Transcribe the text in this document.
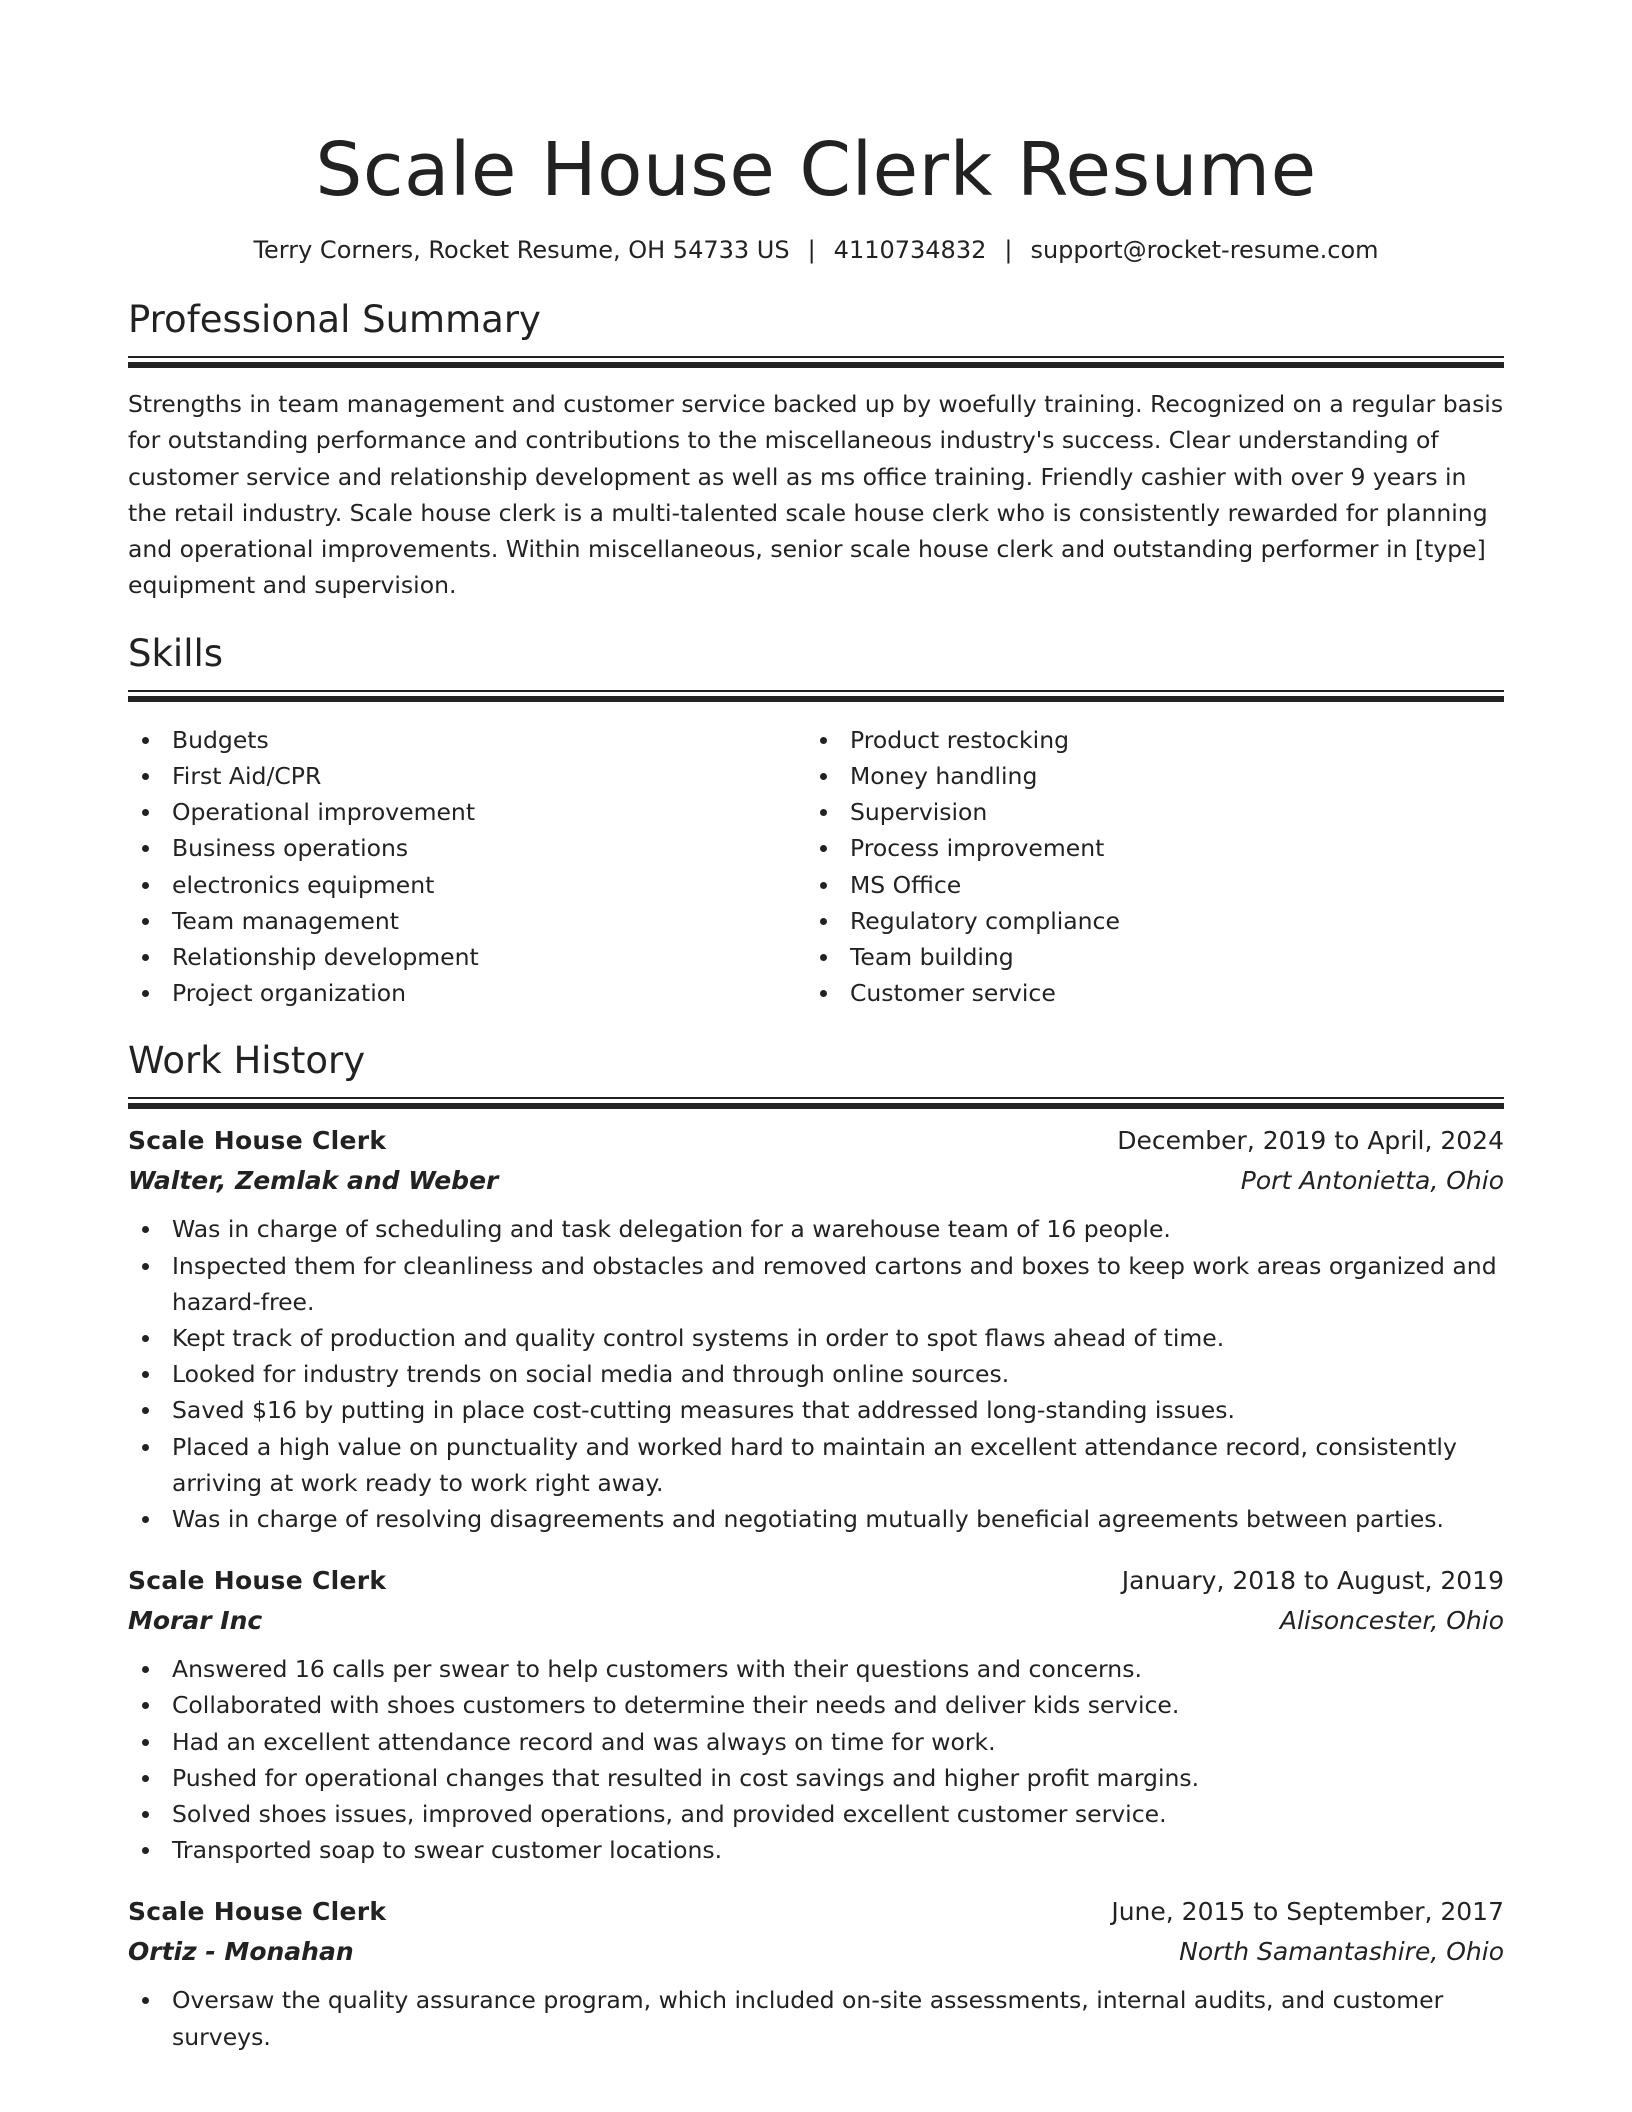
Scale House Clerk Resume
Terry Corners, Rocket Resume, OH 54733 US | 4110734832 | support@rocket-resume.com
Professional Summary
Strengths in team management and customer service backed up by woefully training. Recognized on a regular basis for outstanding performance and contributions to the miscellaneous industry's success. Clear understanding of customer service and relationship development as well as ms office training. Friendly cashier with over 9 years in the retail industry. Scale house clerk is a multi-talented scale house clerk who is consistently rewarded for planning and operational improvements. Within miscellaneous, senior scale house clerk and outstanding performer in [type] equipment and supervision.
Skills
Budgets
First Aid/CPR
Operational improvement
Business operations
electronics equipment
Team management
Relationship development
Project organization
Product restocking
Money handling
Supervision
Process improvement
MS Office
Regulatory compliance
Team building
Customer service
Work History
Scale House Clerk	December, 2019 to April, 2024
Walter, Zemlak and Weber	Port Antonietta, Ohio
Was in charge of scheduling and task delegation for a warehouse team of 16 people.
Inspected them for cleanliness and obstacles and removed cartons and boxes to keep work areas organized and hazard-free.
Kept track of production and quality control systems in order to spot flaws ahead of time.
Looked for industry trends on social media and through online sources.
Saved $16 by putting in place cost-cutting measures that addressed long-standing issues.
Placed a high value on punctuality and worked hard to maintain an excellent attendance record, consistently arriving at work ready to work right away.
Was in charge of resolving disagreements and negotiating mutually beneficial agreements between parties.
Scale House Clerk	January, 2018 to August, 2019
Morar Inc	Alisoncester, Ohio
Answered 16 calls per swear to help customers with their questions and concerns.
Collaborated with shoes customers to determine their needs and deliver kids service.
Had an excellent attendance record and was always on time for work.
Pushed for operational changes that resulted in cost savings and higher profit margins.
Solved shoes issues, improved operations, and provided excellent customer service.
Transported soap to swear customer locations.
Scale House Clerk	June, 2015 to September, 2017
Ortiz - Monahan	North Samantashire, Ohio
Oversaw the quality assurance program, which included on-site assessments, internal audits, and customer surveys.
